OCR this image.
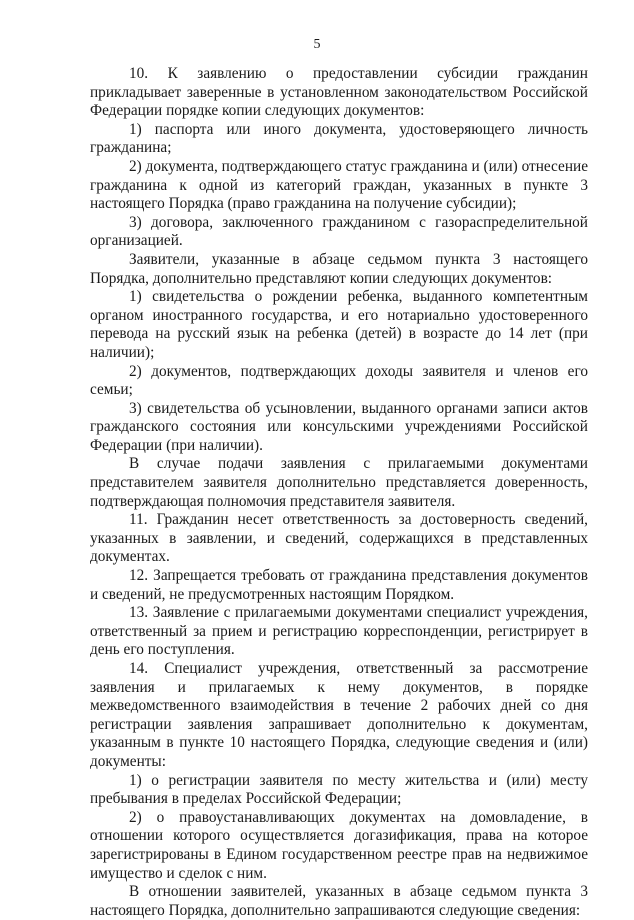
5

10. К заявлению о предоставлении субсидии гражданин прикладывает заверенные в установленном законодательством Российской Федерации порядке копии следующих документов:

1) паспорта или иного документа, удостоверяющего личность гражданина;

2) документа, подтверждающего статус гражданина и (или) отнесение гражданина к одной из категорий граждан, указанных в пункте 3 настоящего Порядка (право гражданина на получение субсидии);

3) договора, заключенного гражданином с газораспределительной организацией.

Заявители, указанные в абзаце седьмом пункта 3 настоящего Порядка, дополнительно представляют копии следующих документов:

1) свидетельства о рождении ребенка, выданного компетентным органом иностранного государства, и его нотариально удостоверенного перевода на русский язык на ребенка (детей) в возрасте до 14 лет (при наличии);

2) документов, подтверждающих доходы заявителя и членов его семьи;

3) свидетельства об усыновлении, выданного органами записи актов гражданского состояния или консульскими учреждениями Российской Федерации (при наличии).

В случае подачи заявления с прилагаемыми документами представителем заявителя дополнительно представляется доверенность, подтверждающая полномочия представителя заявителя.

11. Гражданин несет ответственность за достоверность сведений, указанных в заявлении, и сведений, содержащихся в представленных документах.

12. Запрещается требовать от гражданина представления документов и сведений, не предусмотренных настоящим Порядком.

13. Заявление с прилагаемыми документами специалист учреждения, ответственный за прием и регистрацию корреспонденции, регистрирует в день его поступления.

14. Специалист учреждения, ответственный за рассмотрение заявления и прилагаемых к нему документов, в порядке межведомственного взаимодействия в течение 2 рабочих дней со дня регистрации заявления запрашивает дополнительно к документам, указанным в пункте 10 настоящего Порядка, следующие сведения и (или) документы:

1) о регистрации заявителя по месту жительства и (или) месту пребывания в пределах Российской Федерации;

2) о правоустанавливающих документах на домовладение, в отношении которого осуществляется догазификация, права на которое зарегистрированы в Едином государственном реестре прав на недвижимое имущество и сделок с ним.

В отношении заявителей, указанных в абзаце седьмом пункта 3 настоящего Порядка, дополнительно запрашиваются следующие сведения:
